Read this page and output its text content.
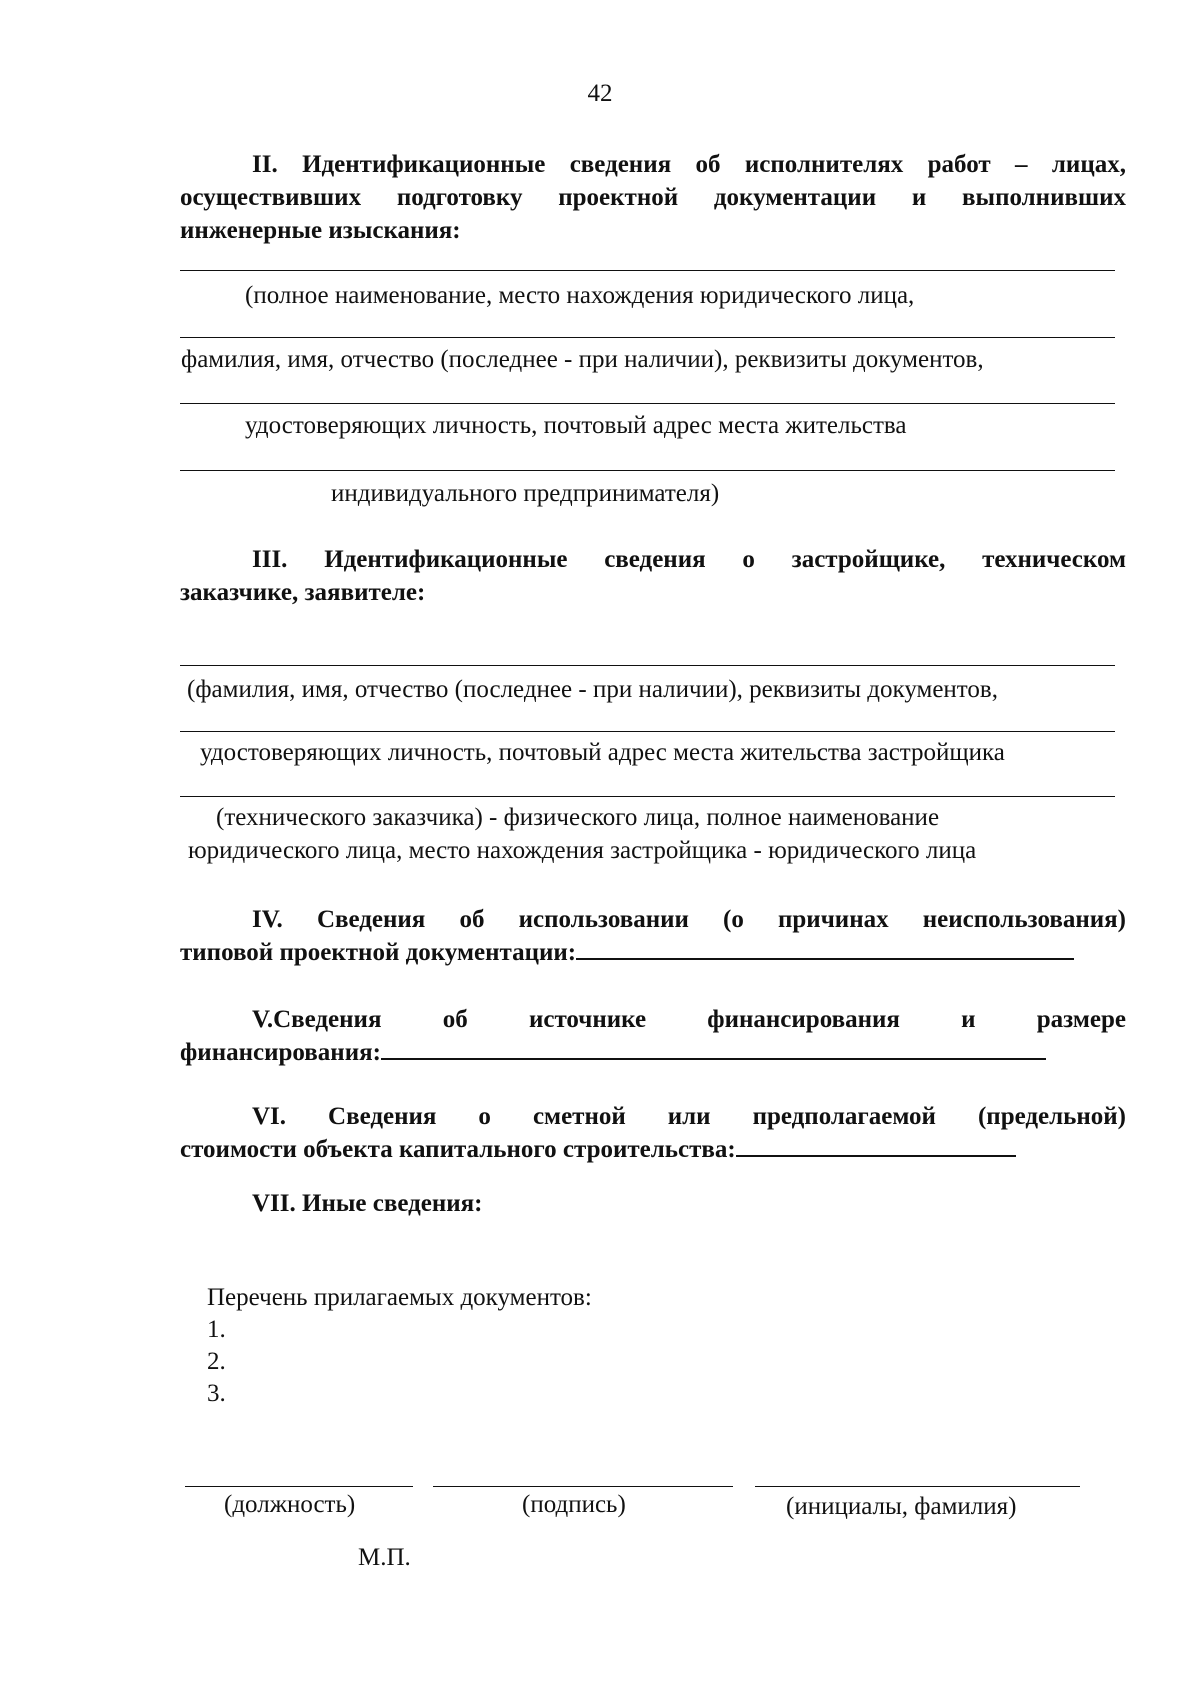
42
II. Идентификационные сведения об исполнителях работ – лицах,
осуществивших подготовку проектной документации и выполнивших
инженерные изыскания:
(полное наименование, место нахождения юридического лица,
фамилия, имя, отчество (последнее - при наличии), реквизиты документов,
удостоверяющих личность, почтовый адрес места жительства
индивидуального предпринимателя)
III. Идентификационные сведения о застройщике, техническом
заказчике, заявителе:
(фамилия, имя, отчество (последнее - при наличии), реквизиты документов,
удостоверяющих личность, почтовый адрес места жительства застройщика
(технического заказчика) - физического лица, полное наименование
юридического лица, место нахождения застройщика - юридического лица
IV. Сведения об использовании (о причинах неиспользования)
типовой проектной документации:
V.Сведения об источнике финансирования и размере
финансирования:
VI. Сведения о сметной или предполагаемой (предельной)
стоимости объекта капитального строительства:
VII. Иные сведения:
Перечень прилагаемых документов:
1.
2.
3.
(должность)	(подпись)	(инициалы, фамилия)
М.П.
